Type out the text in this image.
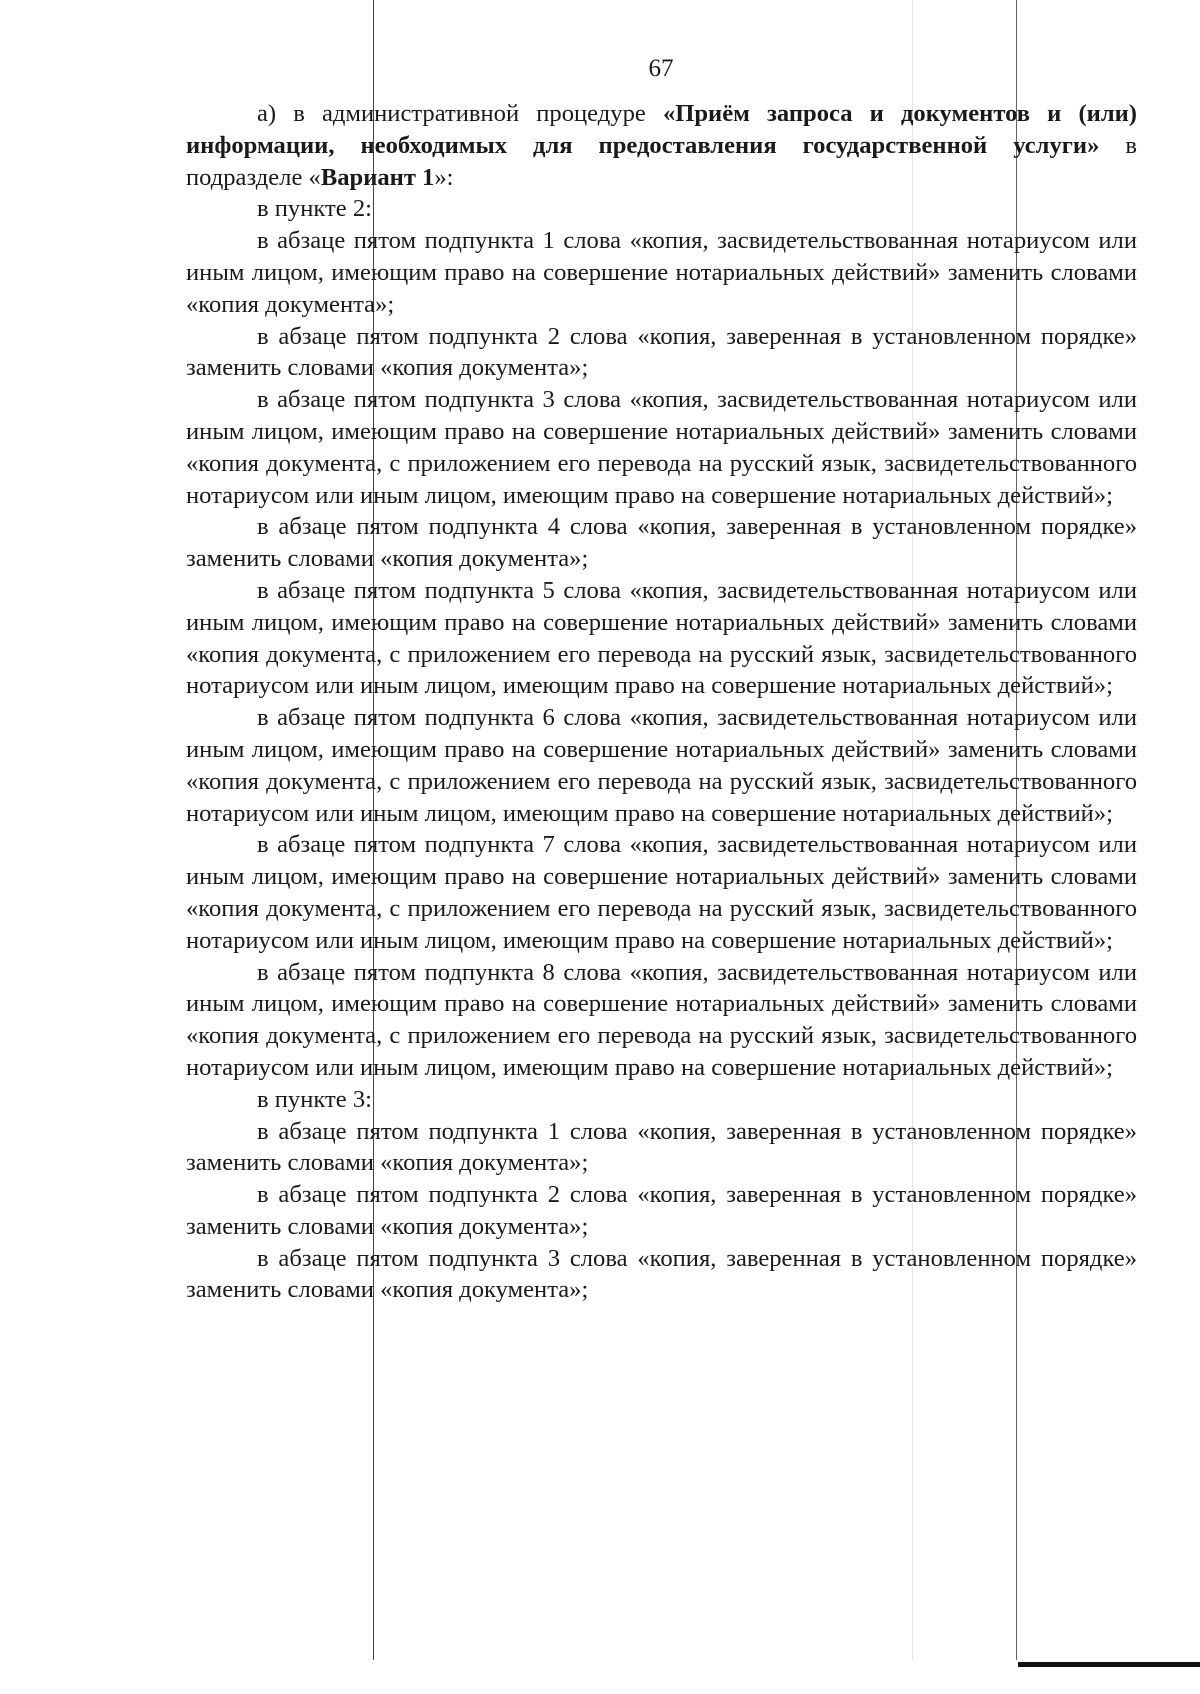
67

а) в административной процедуре «Приём запроса и документов и (или) информации, необходимых для предоставления государственной услуги» в подразделе «Вариант 1»:

в пункте 2:

в абзаце пятом подпункта 1 слова «копия, засвидетельствованная нотариусом или иным лицом, имеющим право на совершение нотариальных действий» заменить словами «копия документа»;

в абзаце пятом подпункта 2 слова «копия, заверенная в установленном порядке» заменить словами «копия документа»;

в абзаце пятом подпункта 3 слова «копия, засвидетельствованная нотариусом или иным лицом, имеющим право на совершение нотариальных действий» заменить словами «копия документа, с приложением его перевода на русский язык, засвидетельствованного нотариусом или иным лицом, имеющим право на совершение нотариальных действий»;

в абзаце пятом подпункта 4 слова «копия, заверенная в установленном порядке» заменить словами «копия документа»;

в абзаце пятом подпункта 5 слова «копия, засвидетельствованная нотариусом или иным лицом, имеющим право на совершение нотариальных действий» заменить словами «копия документа, с приложением его перевода на русский язык, засвидетельствованного нотариусом или иным лицом, имеющим право на совершение нотариальных действий»;

в абзаце пятом подпункта 6 слова «копия, засвидетельствованная нотариусом или иным лицом, имеющим право на совершение нотариальных действий» заменить словами «копия документа, с приложением его перевода на русский язык, засвидетельствованного нотариусом или иным лицом, имеющим право на совершение нотариальных действий»;

в абзаце пятом подпункта 7 слова «копия, засвидетельствованная нотариусом или иным лицом, имеющим право на совершение нотариальных действий» заменить словами «копия документа, с приложением его перевода на русский язык, засвидетельствованного нотариусом или иным лицом, имеющим право на совершение нотариальных действий»;

в абзаце пятом подпункта 8 слова «копия, засвидетельствованная нотариусом или иным лицом, имеющим право на совершение нотариальных действий» заменить словами «копия документа, с приложением его перевода на русский язык, засвидетельствованного нотариусом или иным лицом, имеющим право на совершение нотариальных действий»;

в пункте 3:

в абзаце пятом подпункта 1 слова «копия, заверенная в установленном порядке» заменить словами «копия документа»;

в абзаце пятом подпункта 2 слова «копия, заверенная в установленном порядке» заменить словами «копия документа»;

в абзаце пятом подпункта 3 слова «копия, заверенная в установленном порядке» заменить словами «копия документа»;
